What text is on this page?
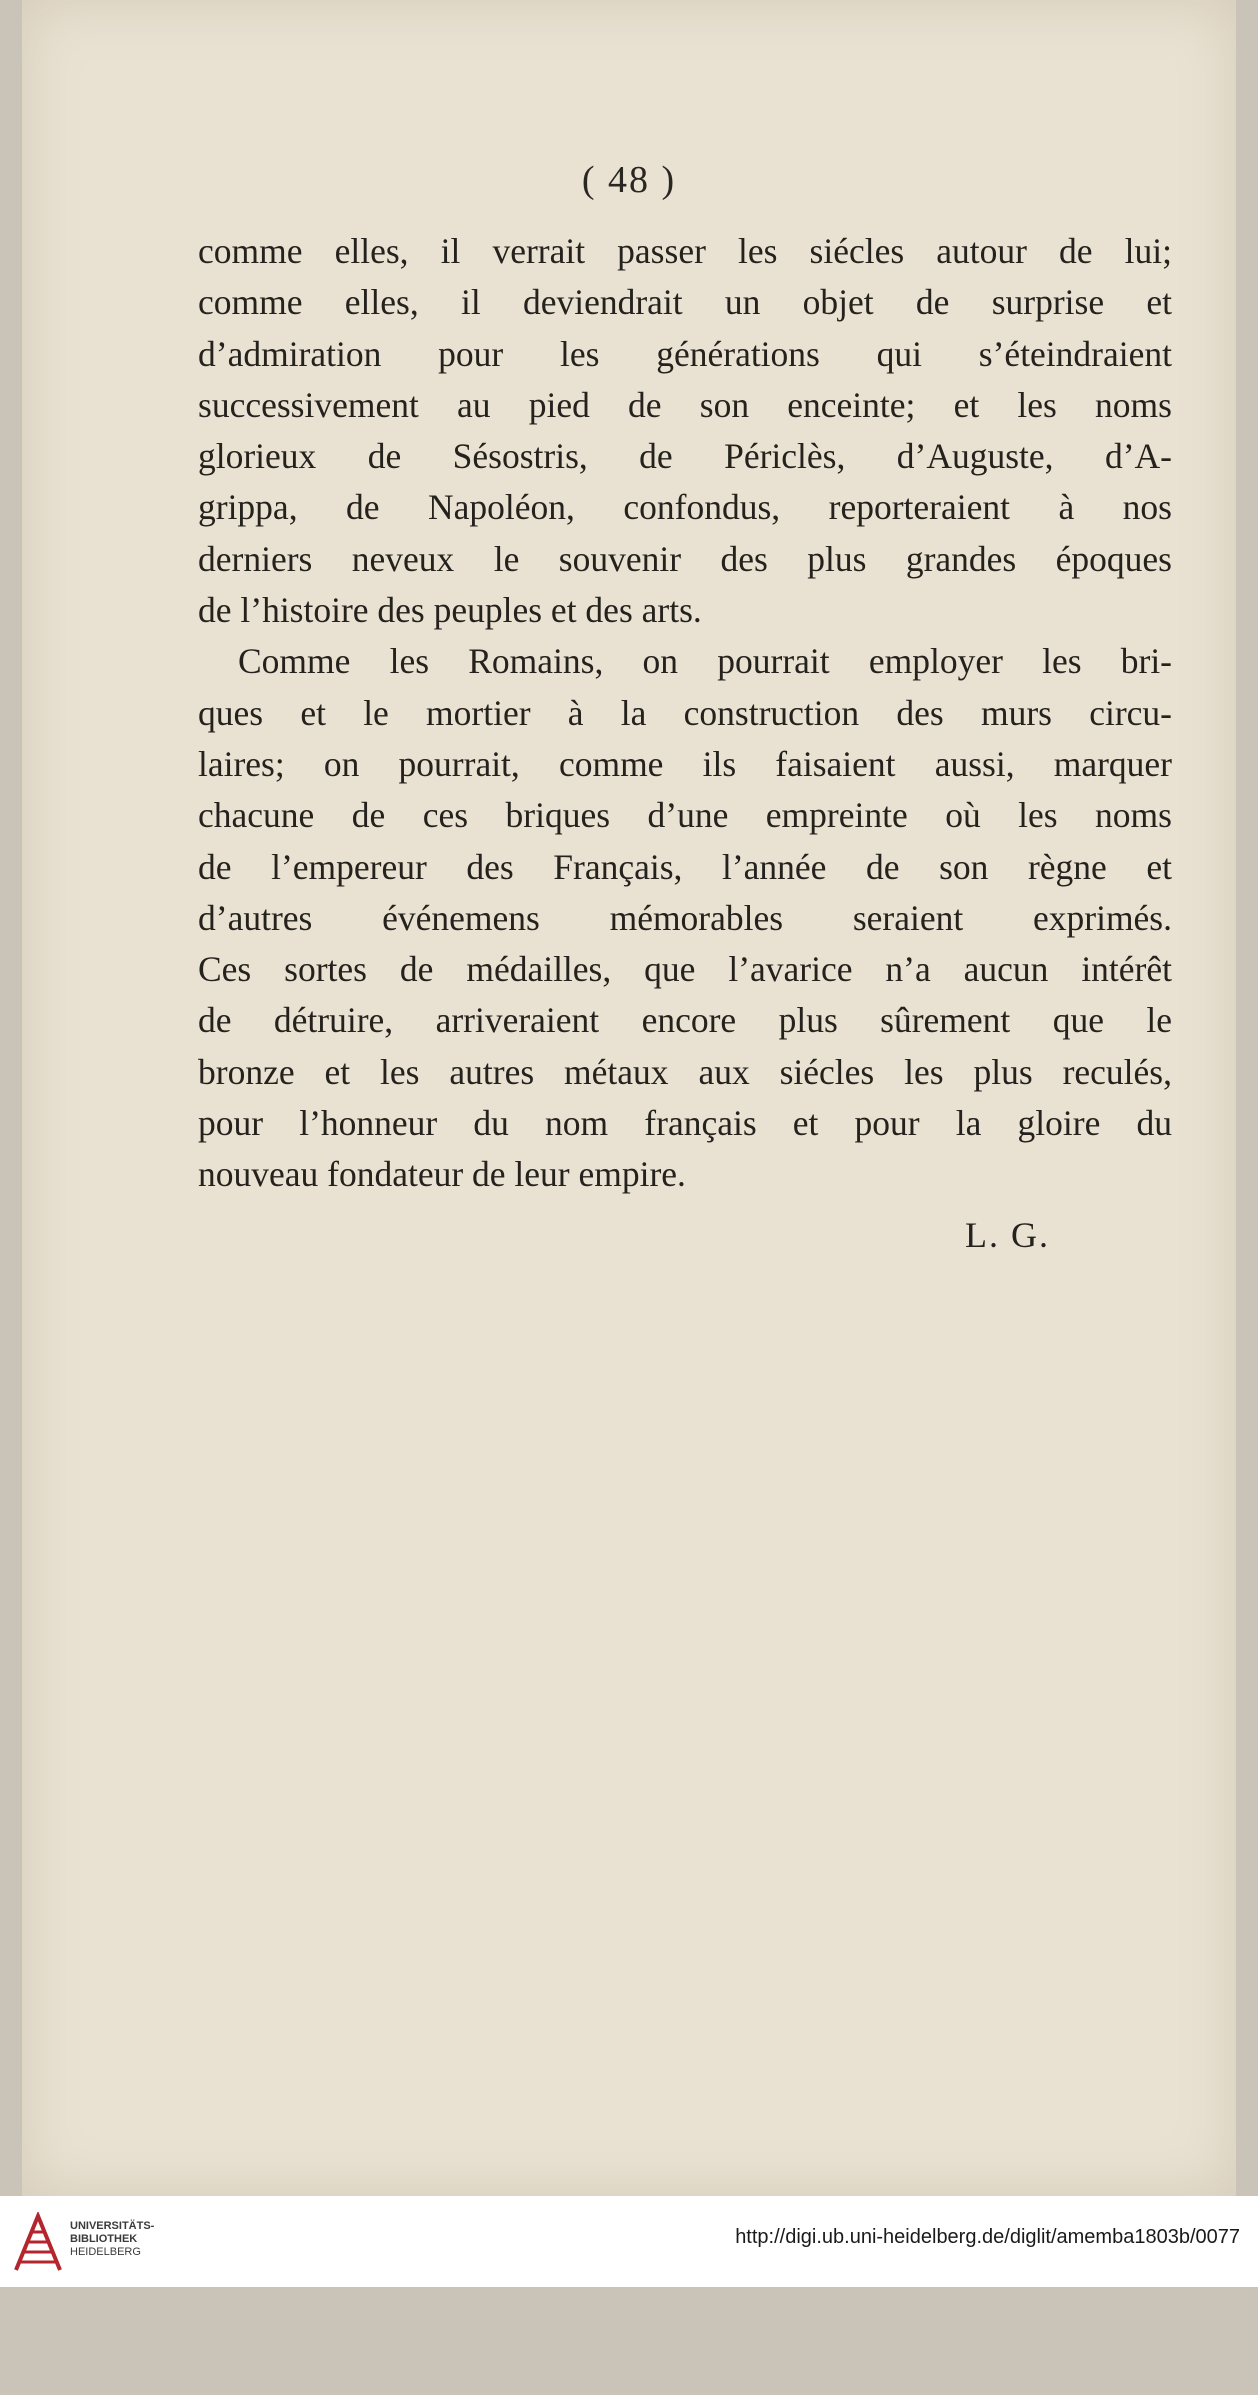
( 48 )
comme elles, il verrait passer les siécles autour de lui;
comme elles, il deviendrait un objet de surprise et
d’admiration pour les générations qui s’éteindraient
successivement au pied de son enceinte; et les noms
glorieux de Sésostris, de Périclès, d’Auguste, d’A-
grippa, de Napoléon, confondus, reporteraient à nos
derniers neveux le souvenir des plus grandes époques
de l’histoire des peuples et des arts.
Comme les Romains, on pourrait employer les bri-
ques et le mortier à la construction des murs circu-
laires; on pourrait, comme ils faisaient aussi, marquer
chacune de ces briques d’une empreinte où les noms
de l’empereur des Français, l’année de son règne et
d’autres événemens mémorables seraient exprimés.
Ces sortes de médailles, que l’avarice n’a aucun intérêt
de détruire, arriveraient encore plus sûrement que le
bronze et les autres métaux aux siécles les plus reculés,
pour l’honneur du nom français et pour la gloire du
nouveau fondateur de leur empire.
L. G.
UNIVERSITÄTS-
BIBLIOTHEK
HEIDELBERG
http://digi.ub.uni-heidelberg.de/diglit/amemba1803b/0077
